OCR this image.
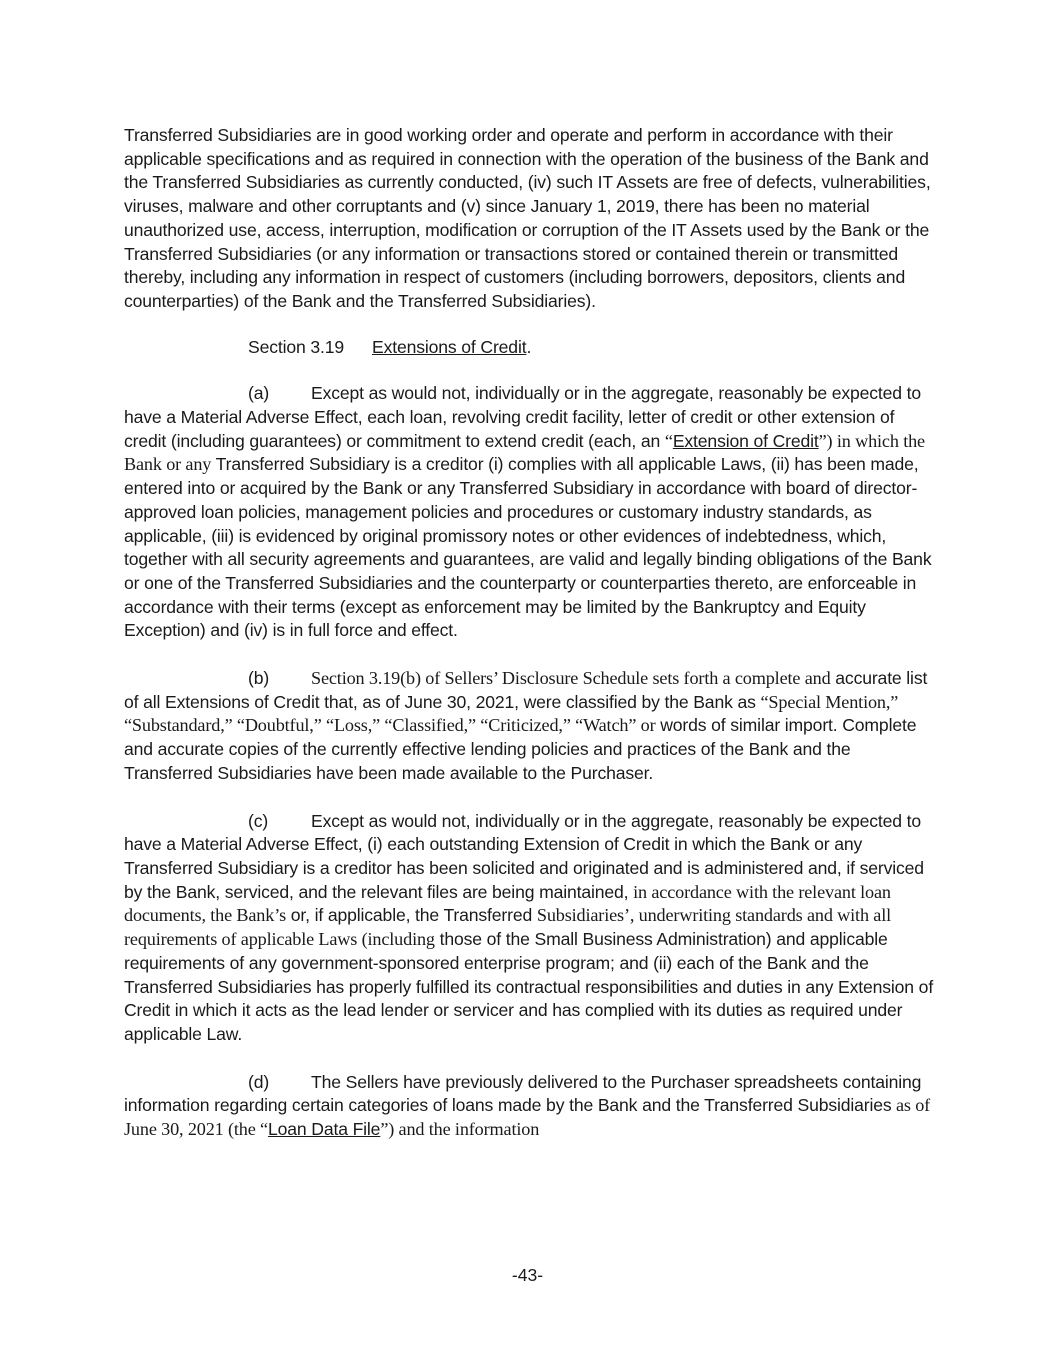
Transferred Subsidiaries are in good working order and operate and perform in accordance with their applicable specifications and as required in connection with the operation of the business of the Bank and the Transferred Subsidiaries as currently conducted, (iv) such IT Assets are free of defects, vulnerabilities, viruses, malware and other corruptants and (v) since January 1, 2019, there has been no material unauthorized use, access, interruption, modification or corruption of the IT Assets used by the Bank or the Transferred Subsidiaries (or any information or transactions stored or contained therein or transmitted thereby, including any information in respect of customers (including borrowers, depositors, clients and counterparties) of the Bank and the Transferred Subsidiaries).

Section 3.19 Extensions of Credit.

(a) Except as would not, individually or in the aggregate, reasonably be expected to have a Material Adverse Effect, each loan, revolving credit facility, letter of credit or other extension of credit (including guarantees) or commitment to extend credit (each, an “Extension of Credit”) in which the Bank or any Transferred Subsidiary is a creditor (i) complies with all applicable Laws, (ii) has been made, entered into or acquired by the Bank or any Transferred Subsidiary in accordance with board of director-approved loan policies, management policies and procedures or customary industry standards, as applicable, (iii) is evidenced by original promissory notes or other evidences of indebtedness, which, together with all security agreements and guarantees, are valid and legally binding obligations of the Bank or one of the Transferred Subsidiaries and the counterparty or counterparties thereto, are enforceable in accordance with their terms (except as enforcement may be limited by the Bankruptcy and Equity Exception) and (iv) is in full force and effect.

(b) Section 3.19(b) of Sellers’ Disclosure Schedule sets forth a complete and accurate list of all Extensions of Credit that, as of June 30, 2021, were classified by the Bank as “Special Mention,” “Substandard,” “Doubtful,” “Loss,” “Classified,” “Criticized,” “Watch” or words of similar import. Complete and accurate copies of the currently effective lending policies and practices of the Bank and the Transferred Subsidiaries have been made available to the Purchaser.

(c) Except as would not, individually or in the aggregate, reasonably be expected to have a Material Adverse Effect, (i) each outstanding Extension of Credit in which the Bank or any Transferred Subsidiary is a creditor has been solicited and originated and is administered and, if serviced by the Bank, serviced, and the relevant files are being maintained, in accordance with the relevant loan documents, the Bank’s or, if applicable, the Transferred Subsidiaries’, underwriting standards and with all requirements of applicable Laws (including those of the Small Business Administration) and applicable requirements of any government-sponsored enterprise program; and (ii) each of the Bank and the Transferred Subsidiaries has properly fulfilled its contractual responsibilities and duties in any Extension of Credit in which it acts as the lead lender or servicer and has complied with its duties as required under applicable Law.

(d) The Sellers have previously delivered to the Purchaser spreadsheets containing information regarding certain categories of loans made by the Bank and the Transferred Subsidiaries as of June 30, 2021 (the “Loan Data File”) and the information

-43-
